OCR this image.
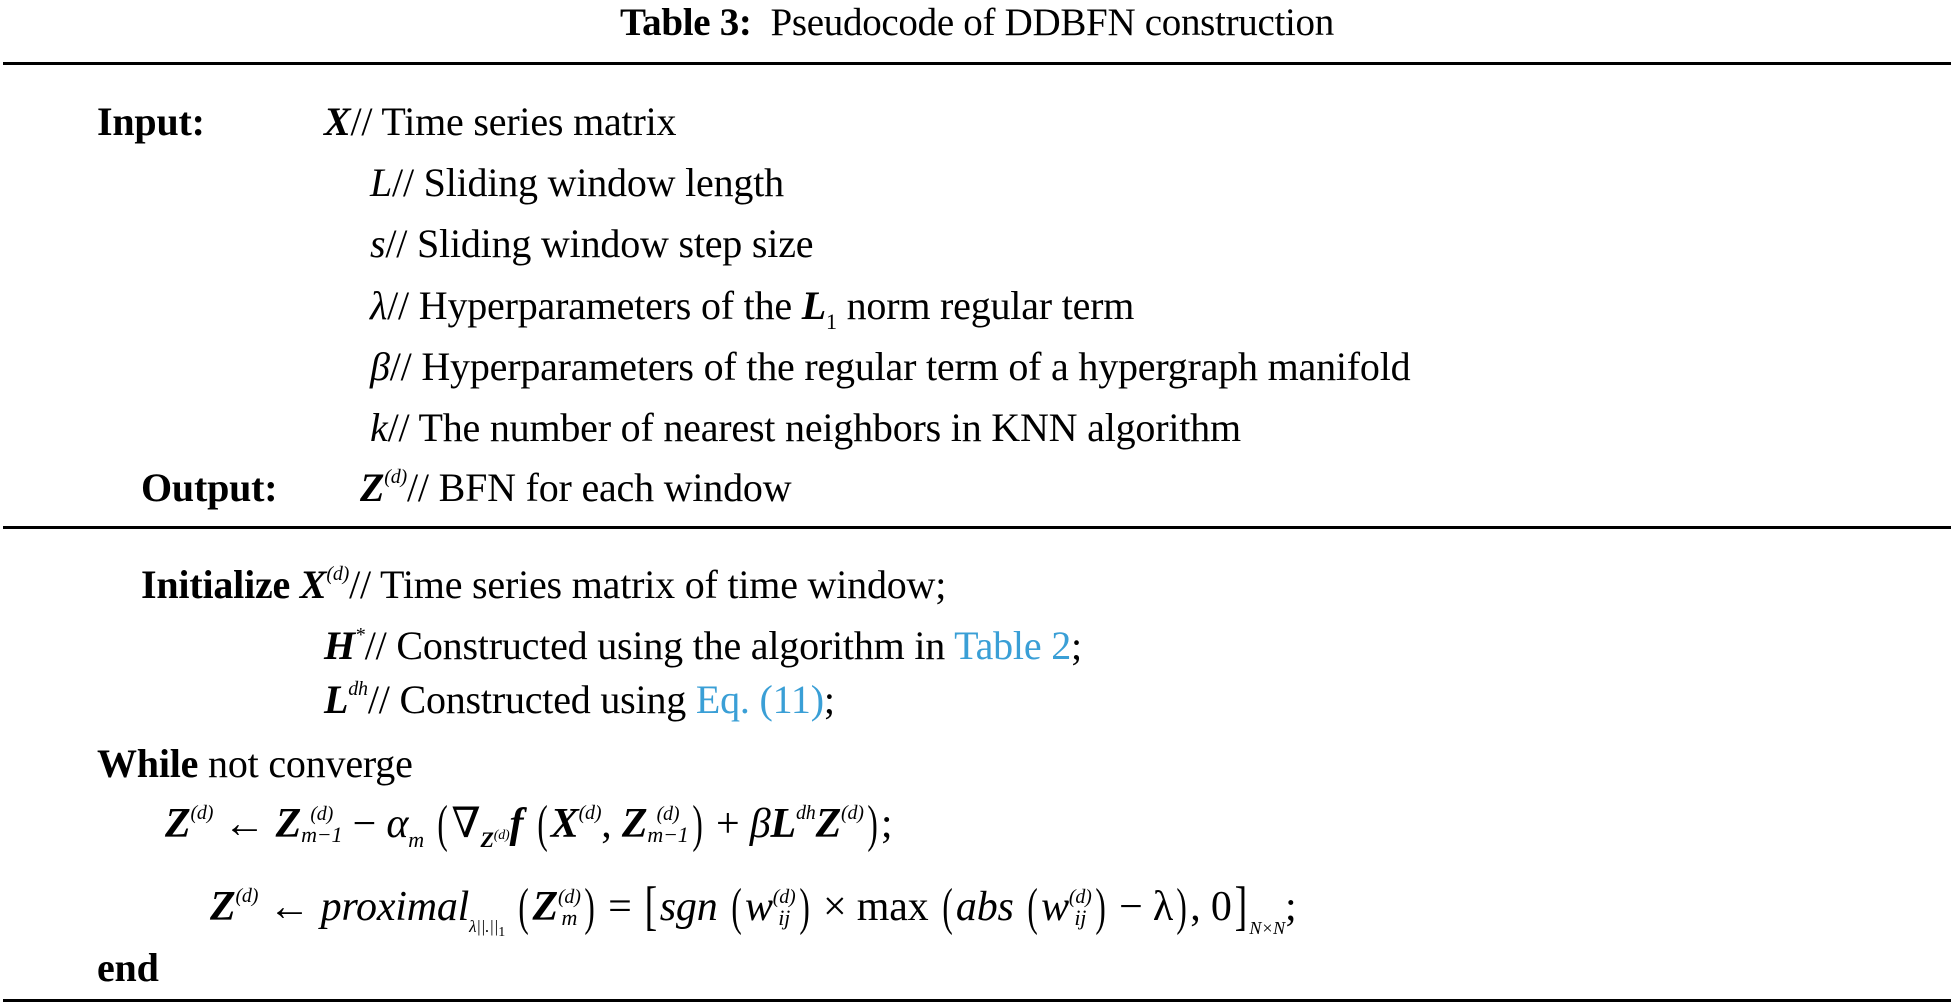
Table 3: Pseudocode of DDBFN construction
Input:	X// Time series matrix
L// Sliding window length
s// Sliding window step size
λ// Hyperparameters of the $L_1$ norm regular term
β// Hyperparameters of the regular term of a hypergraph manifold
k// The number of nearest neighbors in KNN algorithm
Output: $Z^{(d)}//$ BFN for each window
Initialize $X^{(d)}//$ Time series matrix of time window;
H*// Constructed using the algorithm in Table 2;
$L^{dh}//$ Constructed using Eq. (11);
While not converge
$Z^{(d)}$ ← Z (d)
$m-1 - \alpha_m$ ($\nabla_Z(d)f$ ($X^{(d)}$, Z (d)
m−1 ) + $\beta L^{dh}Z^{(d)}$);
$Z^{(d)}$ ← proximal$_{\lambda||.||1}$ (Z (d)
m ) = [sgn (w (d)
ij ) × max (abs (w (d)
ij ) − λ), 0] $_{N\times N}$;
end
